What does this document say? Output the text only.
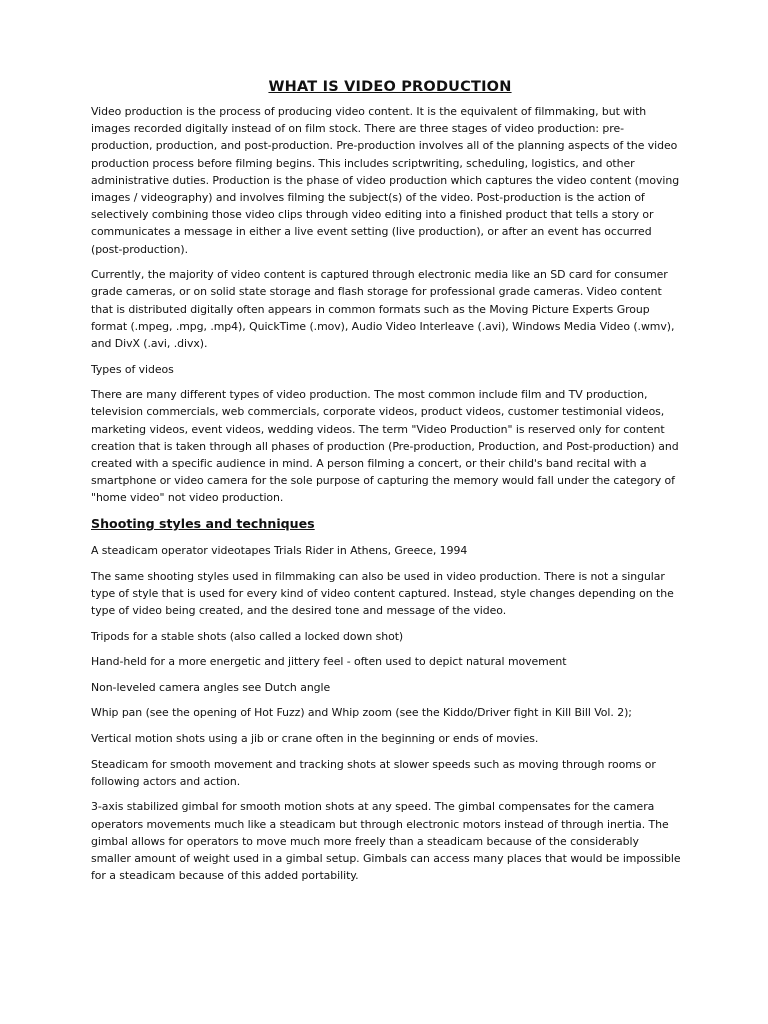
WHAT IS VIDEO PRODUCTION

Video production is the process of producing video content. It is the equivalent of filmmaking, but with images recorded digitally instead of on film stock. There are three stages of video production: pre-production, production, and post-production. Pre-production involves all of the planning aspects of the video production process before filming begins. This includes scriptwriting, scheduling, logistics, and other administrative duties. Production is the phase of video production which captures the video content (moving images / videography) and involves filming the subject(s) of the video. Post-production is the action of selectively combining those video clips through video editing into a finished product that tells a story or communicates a message in either a live event setting (live production), or after an event has occurred (post-production).

Currently, the majority of video content is captured through electronic media like an SD card for consumer grade cameras, or on solid state storage and flash storage for professional grade cameras. Video content that is distributed digitally often appears in common formats such as the Moving Picture Experts Group format (.mpeg, .mpg, .mp4), QuickTime (.mov), Audio Video Interleave (.avi), Windows Media Video (.wmv), and DivX (.avi, .divx).

Types of videos

There are many different types of video production. The most common include film and TV production, television commercials, web commercials, corporate videos, product videos, customer testimonial videos, marketing videos, event videos, wedding videos. The term "Video Production" is reserved only for content creation that is taken through all phases of production (Pre-production, Production, and Post-production) and created with a specific audience in mind. A person filming a concert, or their child's band recital with a smartphone or video camera for the sole purpose of capturing the memory would fall under the category of "home video" not video production.

Shooting styles and techniques

A steadicam operator videotapes Trials Rider in Athens, Greece, 1994

The same shooting styles used in filmmaking can also be used in video production. There is not a singular type of style that is used for every kind of video content captured. Instead, style changes depending on the type of video being created, and the desired tone and message of the video.

Tripods for a stable shots (also called a locked down shot)

Hand-held for a more energetic and jittery feel - often used to depict natural movement

Non-leveled camera angles see Dutch angle

Whip pan (see the opening of Hot Fuzz) and Whip zoom (see the Kiddo/Driver fight in Kill Bill Vol. 2);

Vertical motion shots using a jib or crane often in the beginning or ends of movies.

Steadicam for smooth movement and tracking shots at slower speeds such as moving through rooms or following actors and action.

3-axis stabilized gimbal for smooth motion shots at any speed. The gimbal compensates for the camera operators movements much like a steadicam but through electronic motors instead of through inertia. The gimbal allows for operators to move much more freely than a steadicam because of the considerably smaller amount of weight used in a gimbal setup. Gimbals can access many places that would be impossible for a steadicam because of this added portability.
